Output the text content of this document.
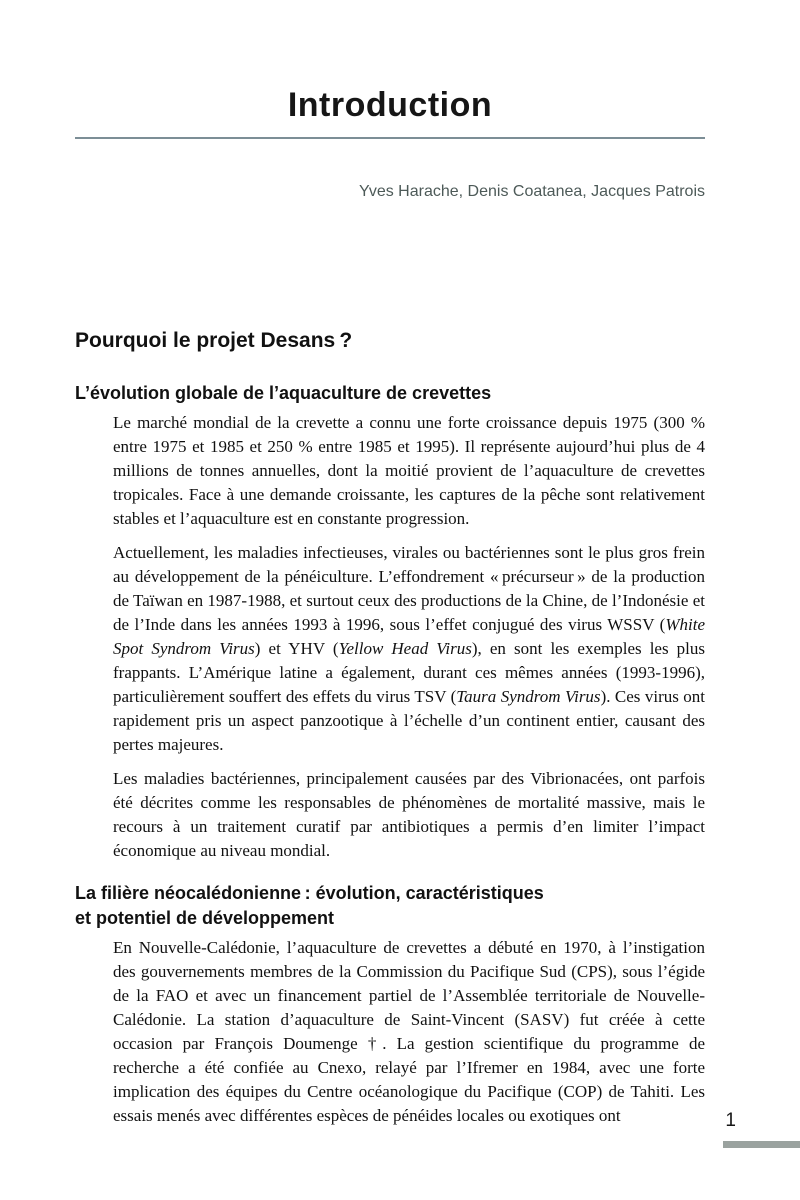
Introduction
Yves Harache, Denis Coatanea, Jacques Patrois
Pourquoi le projet Desans ?
L’évolution globale de l’aquaculture de crevettes

Le marché mondial de la crevette a connu une forte croissance depuis 1975 (300 % entre 1975 et 1985 et 250 % entre 1985 et 1995). Il représente aujourd’hui plus de 4 millions de tonnes annuelles, dont la moitié provient de l’aquaculture de crevettes tropicales. Face à une demande croissante, les captures de la pêche sont relativement stables et l’aquaculture est en constante progression.

Actuellement, les maladies infectieuses, virales ou bactériennes sont le plus gros frein au développement de la pénéiculture. L’effondrement « précurseur » de la production de Taïwan en 1987-1988, et surtout ceux des productions de la Chine, de l’Indonésie et de l’Inde dans les années 1993 à 1996, sous l’effet conjugué des virus WSSV (White Spot Syndrom Virus) et YHV (Yellow Head Virus), en sont les exemples les plus frappants. L’Amérique latine a également, durant ces mêmes années (1993-1996), particulièrement souffert des effets du virus TSV (Taura Syndrom Virus). Ces virus ont rapidement pris un aspect panzootique à l’échelle d’un continent entier, causant des pertes majeures.

Les maladies bactériennes, principalement causées par des Vibrionacées, ont parfois été décrites comme les responsables de phénomènes de mortalité massive, mais le recours à un traitement curatif par antibiotiques a permis d’en limiter l’impact économique au niveau mondial.

La filière néocalédonienne : évolution, caractéristiques
et potentiel de développement

En Nouvelle-Calédonie, l’aquaculture de crevettes a débuté en 1970, à l’instigation des gouvernements membres de la Commission du Pacifique Sud (CPS), sous l’égide de la FAO et avec un financement partiel de l’Assemblée territoriale de Nouvelle-Calédonie. La station d’aquaculture de Saint-Vincent (SASV) fut créée à cette occasion par François Doumenge †. La gestion scientifique du programme de recherche a été confiée au Cnexo, relayé par l’Ifremer en 1984, avec une forte implication des équipes du Centre océanologique du Pacifique (COP) de Tahiti. Les essais menés avec différentes espèces de pénéides locales ou exotiques ont	1
